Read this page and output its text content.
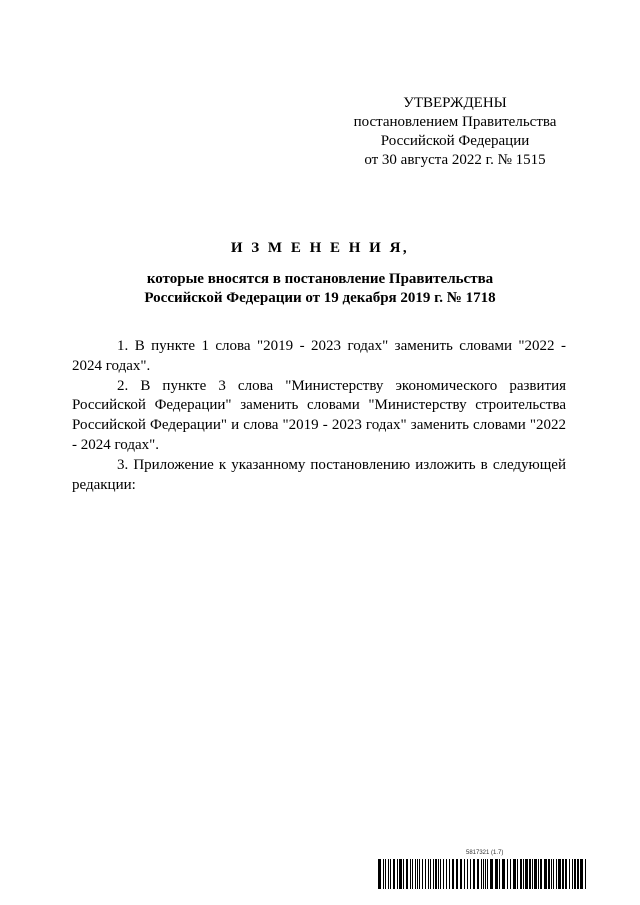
УТВЕРЖДЕНЫ
постановлением Правительства
Российской Федерации
от 30 августа 2022 г. № 1515
И З М Е Н Е Н И Я,
которые вносятся в постановление Правительства
Российской Федерации от 19 декабря 2019 г. № 1718

1. В пункте 1 слова "2019 - 2023 годах" заменить словами "2022 - 2024 годах".

2. В пункте 3 слова "Министерству экономического развития Российской Федерации" заменить словами "Министерству строительства Российской Федерации" и слова "2019 - 2023 годах" заменить словами "2022 - 2024 годах".

3. Приложение к указанному постановлению изложить в следующей редакции:

5817321 (1.7)
